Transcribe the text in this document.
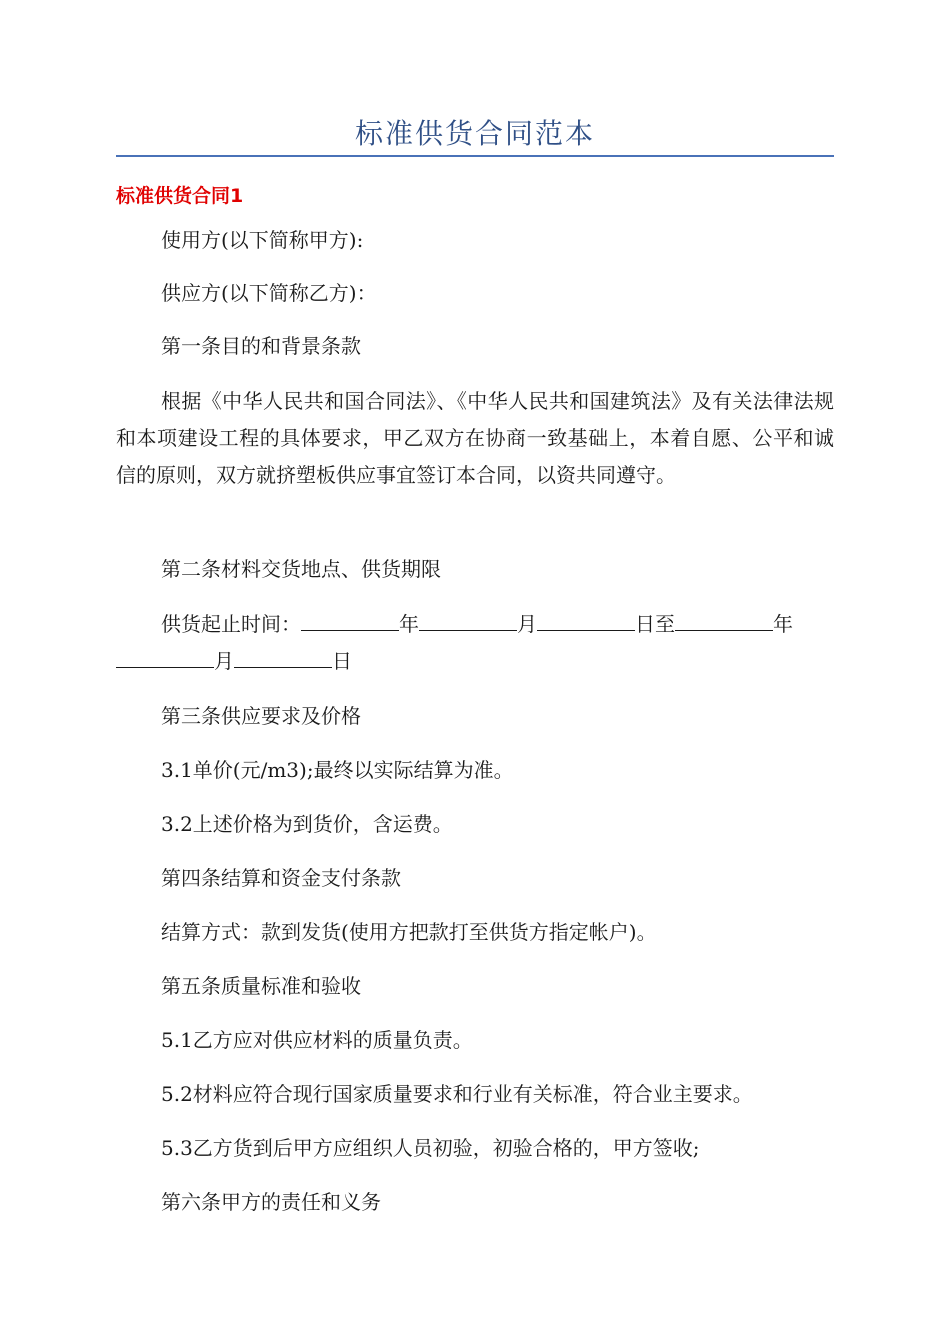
标准供货合同范本
标准供货合同1

使用方(以下简称甲方):

供应方(以下简称乙方)：

第一条目的和背景条款

根据《中华人民共和国合同法》、《中华人民共和国建筑法》及有关法律法规和本项建设工程的具体要求，甲乙双方在协商一致基础上，本着自愿、公平和诚信的原则，双方就挤塑板供应事宜签订本合同，以资共同遵守。

第二条材料交货地点、供货期限

供货起止时间：	年	月	日至	年

月	日

第三条供应要求及价格

3.1单价(元/m3);最终以实际结算为准。

3.2上述价格为到货价，含运费。

第四条结算和资金支付条款

结算方式：款到发货(使用方把款打至供货方指定帐户)。

第五条质量标准和验收

5.1乙方应对供应材料的质量负责。

5.2材料应符合现行国家质量要求和行业有关标准，符合业主要求。

5.3乙方货到后甲方应组织人员初验，初验合格的，甲方签收;

第六条甲方的责任和义务
